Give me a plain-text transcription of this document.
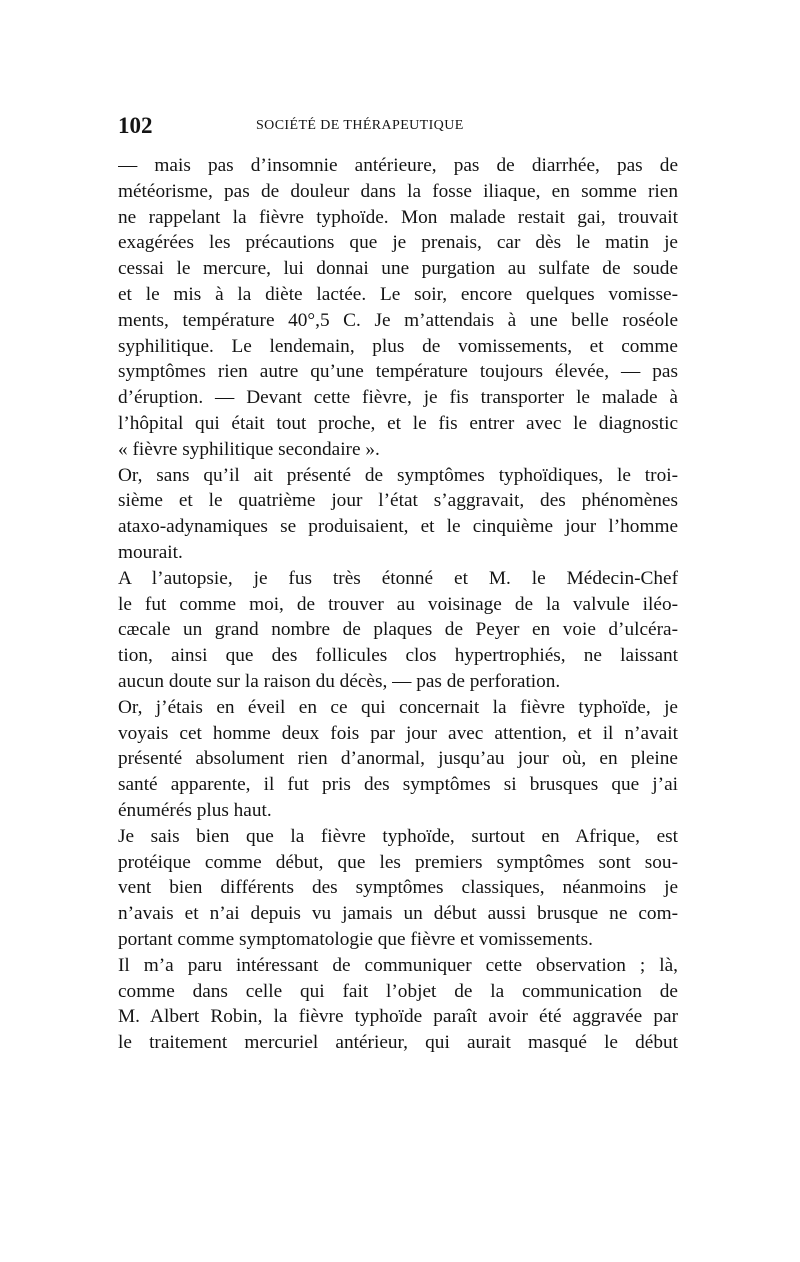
102	SOCIÉTÉ DE THÉRAPEUTIQUE
— mais pas d’insomnie antérieure, pas de diarrhée, pas de
météorisme, pas de douleur dans la fosse iliaque, en somme rien
ne rappelant la fièvre typhoïde. Mon malade restait gai, trouvait
exagérées les précautions que je prenais, car dès le matin je
cessai le mercure, lui donnai une purgation au sulfate de soude
et le mis à la diète lactée. Le soir, encore quelques vomisse-
ments, température 40°,5 C. Je m’attendais à une belle roséole
syphilitique. Le lendemain, plus de vomissements, et comme
symptômes rien autre qu’une température toujours élevée, — pas
d’éruption. — Devant cette fièvre, je fis transporter le malade à
l’hôpital qui était tout proche, et le fis entrer avec le diagnostic
« fièvre syphilitique secondaire ».
Or, sans qu’il ait présenté de symptômes typhoïdiques, le troi-
sième et le quatrième jour l’état s’aggravait, des phénomènes
ataxo-adynamiques se produisaient, et le cinquième jour l’homme
mourait.
A l’autopsie, je fus très étonné et M. le Médecin-Chef
le fut comme moi, de trouver au voisinage de la valvule iléo-
cæcale un grand nombre de plaques de Peyer en voie d’ulcéra-
tion, ainsi que des follicules clos hypertrophiés, ne laissant
aucun doute sur la raison du décès, — pas de perforation.
Or, j’étais en éveil en ce qui concernait la fièvre typhoïde, je
voyais cet homme deux fois par jour avec attention, et il n’avait
présenté absolument rien d’anormal, jusqu’au jour où, en pleine
santé apparente, il fut pris des symptômes si brusques que j’ai
énumérés plus haut.
Je sais bien que la fièvre typhoïde, surtout en Afrique, est
protéique comme début, que les premiers symptômes sont sou-
vent bien différents des symptômes classiques, néanmoins je
n’avais et n’ai depuis vu jamais un début aussi brusque ne com-
portant comme symptomatologie que fièvre et vomissements.
Il m’a paru intéressant de communiquer cette observation ; là,
comme dans celle qui fait l’objet de la communication de
M. Albert Robin, la fièvre typhoïde paraît avoir été aggravée par
le traitement mercuriel antérieur, qui aurait masqué le début
